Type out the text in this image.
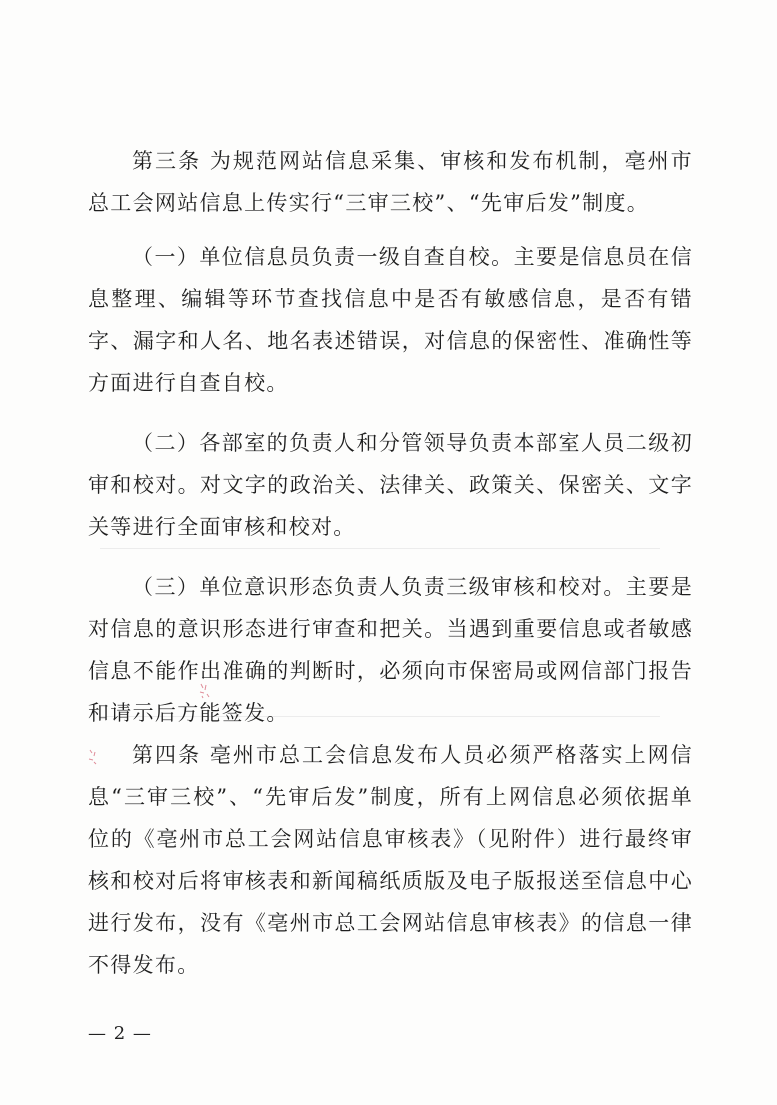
第三条 为规范网站信息采集、审核和发布机制，亳州市总工会网站信息上传实行“三审三校”、“先审后发”制度。

（一）单位信息员负责一级自查自校。主要是信息员在信息整理、编辑等环节查找信息中是否有敏感信息，是否有错字、漏字和人名、地名表述错误，对信息的保密性、准确性等方面进行自查自校。

（二）各部室的负责人和分管领导负责本部室人员二级初审和校对。对文字的政治关、法律关、政策关、保密关、文字关等进行全面审核和校对。

（三）单位意识形态负责人负责三级审核和校对。主要是对信息的意识形态进行审查和把关。当遇到重要信息或者敏感信息不能作出准确的判断时，必须向市保密局或网信部门报告和请示后方能签发。

第四条 亳州市总工会信息发布人员必须严格落实上网信息“三审三校”、“先审后发”制度，所有上网信息必须依据单位的《亳州市总工会网站信息审核表》（见附件）进行最终审核和校对后将审核表和新闻稿纸质版及电子版报送至信息中心进行发布，没有《亳州市总工会网站信息审核表》的信息一律不得发布。

— 2 —
